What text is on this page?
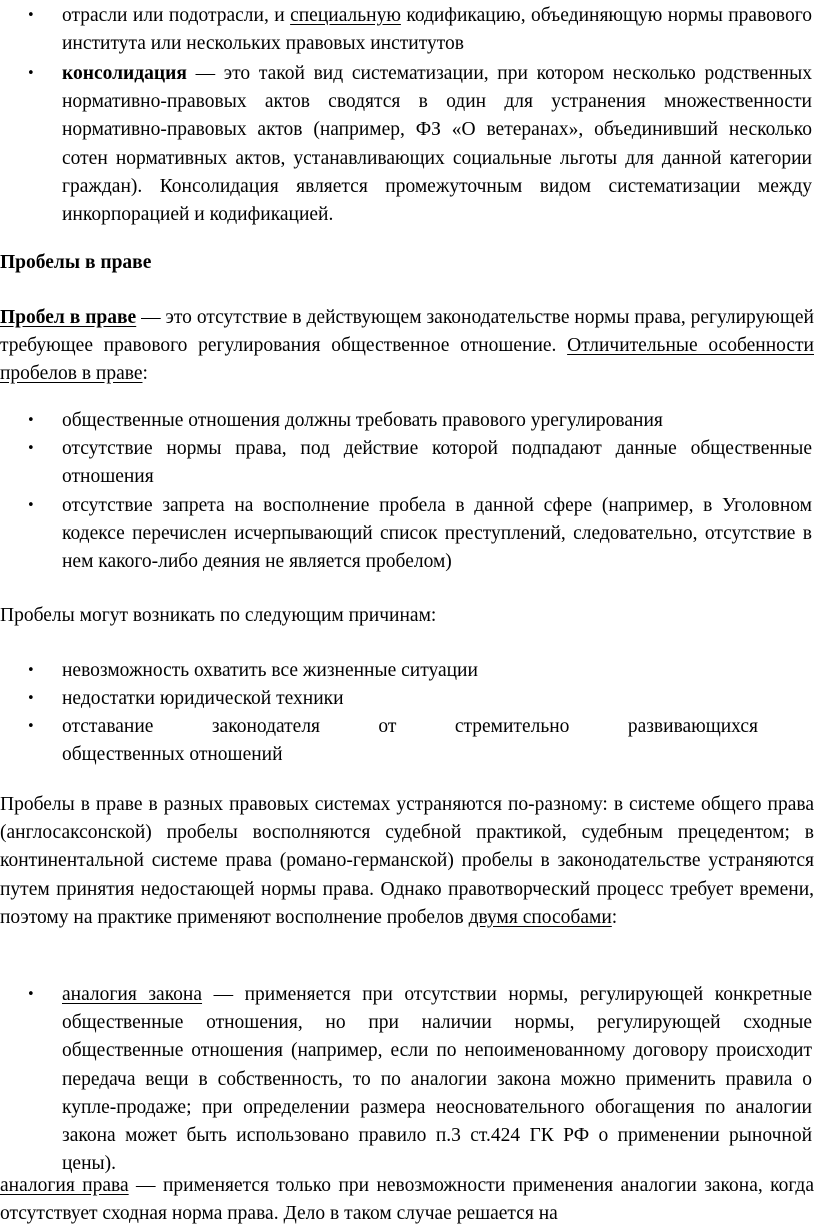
•	отрасли или подотрасли, и специальную кодификацию, объединяющую нормы правового института или нескольких правовых институтов
•	консолидация — это такой вид систематизации, при котором несколько родственных нормативно-правовых актов сводятся в один для устранения множественности нормативно-правовых актов (например, ФЗ «О ветеранах», объединивший несколько сотен нормативных актов, устанавливающих социальные льготы для данной категории граждан). Консолидация является промежуточным видом систематизации между инкорпорацией и кодификацией.
Пробелы в праве
Пробел в праве — это отсутствие в действующем законодательстве нормы права, регулирующей требующее правового регулирования общественное отношение. Отличительные особенности пробелов в праве:
•	общественные отношения должны требовать правового урегулирования
•	отсутствие нормы права, под действие которой подпадают данные общественные отношения
•	отсутствие запрета на восполнение пробела в данной сфере (например, в Уголовном кодексе перечислен исчерпывающий список преступлений, следовательно, отсутствие в нем какого-либо деяния не является пробелом)
Пробелы могут возникать по следующим причинам:
•	невозможность охватить все жизненные ситуации
•	недостатки юридической техники
•	отставание	законодателя	от	стремительно	развивающихся
общественных отношений
Пробелы в праве в разных правовых системах устраняются по-разному: в системе общего права (англосаксонской) пробелы восполняются судебной практикой, судебным прецедентом; в континентальной системе права (романо-германской) пробелы в законодательстве устраняются путем принятия недостающей нормы права. Однако правотворческий процесс требует времени, поэтому на практике применяют восполнение пробелов двумя способами:
•	аналогия закона — применяется при отсутствии нормы, регулирующей конкретные общественные отношения, но при наличии нормы, регулирующей сходные общественные отношения (например, если по непоименованному договору происходит передача вещи в собственность, то по аналогии закона можно применить правила о купле-продаже; при определении размера неосновательного обогащения по аналогии закона может быть использовано правило п.3 ст.424 ГК РФ о применении рыночной цены).
аналогия права — применяется только при невозможности применения аналогии закона, когда отсутствует сходная норма права. Дело в таком случае решается на
